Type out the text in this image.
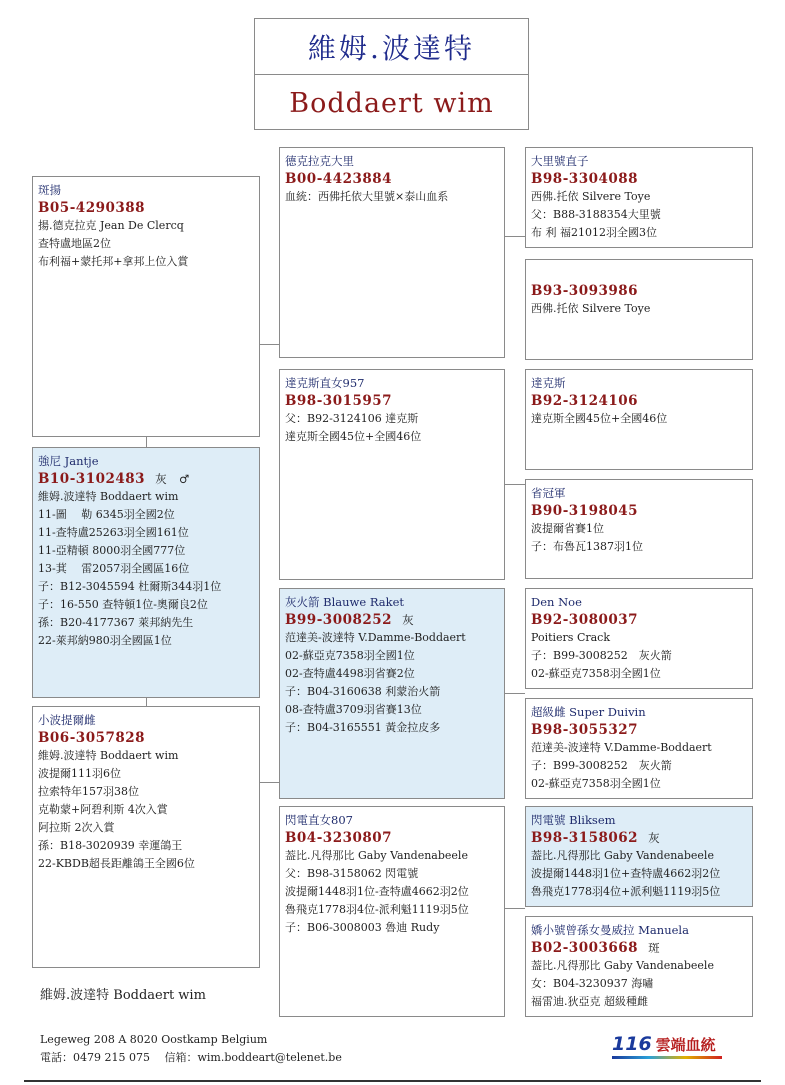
維姆.波達特
Boddaert wim
強尼 Jantje
B10-3102483 灰　♂
維姆.波達特 Boddaert wim
11-圖　 勒 6345羽全國2位
11-查特盧25263羽全國161位
11-亞精頓 8000羽全國777位
13-萁　 雷2057羽全國區16位
子：B12-3045594 杜爾斯344羽1位
子：16-550 查特頓1位-奧爾良2位
孫：B20-4177367 萊邦納先生
22-萊邦納980羽全國區1位
斑揚
B05-4290388
揚.德克拉克 Jean De Clercq
查特盧地區2位
布利福+蒙托邦+拿邦上位入賞
小波提爾雌
B06-3057828
維姆.波達特 Boddaert wim
波提爾111羽6位
拉索特年157羽38位
克勒蒙+阿碧利斯 4次入賞
阿拉斯 2次入賞
孫：B18-3020939 幸運鴿王
22-KBDB超長距離鴿王全國6位
德克拉克大里
B00-4423884
血統：西佛托依大里號×泰山血系
達克斯直女957
B98-3015957
父：B92-3124106 達克斯
達克斯全國45位+全國46位
灰火箭 Blauwe Raket
B99-3008252 灰
范達美-波達特 V.Damme-Boddaert
02-蘇亞克7358羽全國1位
02-查特盧4498羽省賽2位
子：B04-3160638 利蒙治火箭
08-查特盧3709羽省賽13位
子：B04-3165551 黃金拉皮多
閃電直女807
B04-3230807
葢比.凡得那比 Gaby Vandenabeele
父：B98-3158062 閃電號
波提爾1448羽1位-查特盧4662羽2位
魯飛克1778羽4位-派利魁1119羽5位
子：B06-3008003 魯迪 Rudy
大里號直子
B98-3304088
西佛.托依 Silvere Toye
父：B88-3188354大里號
布 利 福21012羽全國3位
B93-3093986
西佛.托依 Silvere Toye
達克斯
B92-3124106
達克斯全國45位+全國46位
省冠軍
B90-3198045
波提爾省賽1位
子：布魯瓦1387羽1位
Den Noe
B92-3080037
Poitiers Crack
子：B99-3008252　灰火箭
02-蘇亞克7358羽全國1位
超級雌 Super Duivin
B98-3055327
范達美-波達特 V.Damme-Boddaert
子：B99-3008252　灰火箭
02-蘇亞克7358羽全國1位
閃電號 Bliksem
B98-3158062 灰
葢比.凡得那比 Gaby Vandenabeele
波提爾1448羽1位+查特盧4662羽2位
魯飛克1778羽4位+派利魁1119羽5位
嬌小號曾孫女曼威拉 Manuela
B02-3003668 斑
葢比.凡得那比 Gaby Vandenabeele
女：B04-3230937 海嘯
福雷迪.狄亞克 超級種雌
維姆.波達特 Boddaert wim
Legeweg 208 A 8020 Oostkamp Belgium
電話：0479 215 075　 信箱：wim.boddeart@telenet.be
116 雲端血統
